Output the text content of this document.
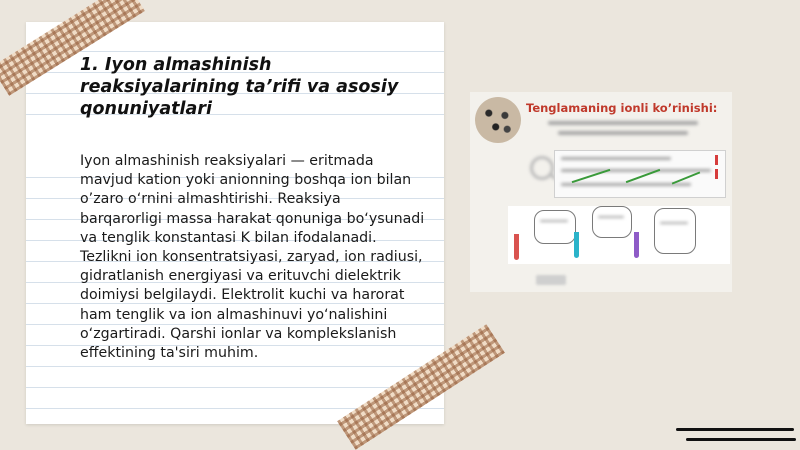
1. Iyon almashinish reaksiyalarining ta’rifi va asosiy qonuniyatlari

Iyon almashinish reaksiyalari — eritmada mavjud kation yoki anionning boshqa ion bilan o’zaro o‘rnini almashtirishi. Reaksiya barqarorligi massa harakat qonuniga bo‘ysunadi va tenglik konstantasi K bilan ifodalanadi. Tezlikni ion konsentratsiyasi, zaryad, ion radiusi, gidratlanish energiyasi va erituvchi dielektrik doimiysi belgilaydi. Elektrolit kuchi va harorat ham tenglik va ion almashinuvi yo‘nalishini o‘zgartiradi. Qarshi ionlar va komplekslanish effektining ta'siri muhim.

Tenglamaning ionli ko’rinishi:
